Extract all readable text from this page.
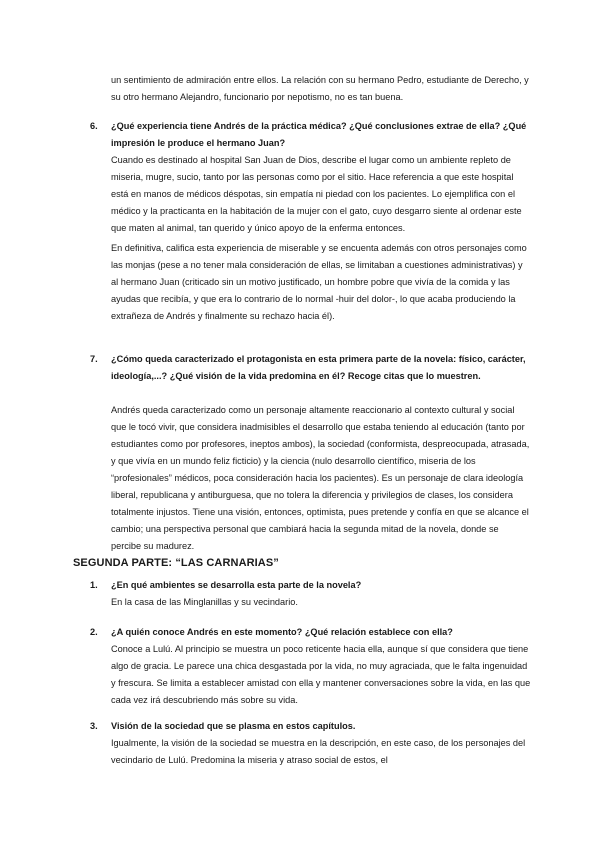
un sentimiento de admiración entre ellos. La relación con su hermano Pedro, estudiante de Derecho, y su otro hermano Alejandro, funcionario por nepotismo, no es tan buena.

6. ¿Qué experiencia tiene Andrés de la práctica médica? ¿Qué conclusiones extrae de ella? ¿Qué impresión le produce el hermano Juan?

Cuando es destinado al hospital San Juan de Dios, describe el lugar como un ambiente repleto de miseria, mugre, sucio, tanto por las personas como por el sitio. Hace referencia a que este hospital está en manos de médicos déspotas, sin empatía ni piedad con los pacientes. Lo ejemplifica con el médico y la practicanta en la habitación de la mujer con el gato, cuyo desgarro siente al ordenar este que maten al animal, tan querido y único apoyo de la enferma entonces.

En definitiva, califica esta experiencia de miserable y se encuenta además con otros personajes como las monjas (pese a no tener mala consideración de ellas, se limitaban a cuestiones administrativas) y al hermano Juan (criticado sin un motivo justificado, un hombre pobre que vivía de la comida y las ayudas que recibía, y que era lo contrario de lo normal -huir del dolor-, lo que acaba produciendo la extrañeza de Andrés y finalmente su rechazo hacia él).

7. ¿Cómo queda caracterizado el protagonista en esta primera parte de la novela: físico, carácter, ideología,...? ¿Qué visión de la vida predomina en él? Recoge citas que lo muestren.

Andrés queda caracterizado como un personaje altamente reaccionario al contexto cultural y social que le tocó vivir, que considera inadmisibles el desarrollo que estaba teniendo al educación (tanto por estudiantes como por profesores, ineptos ambos), la sociedad (conformista, despreocupada, atrasada, y que vivía en un mundo feliz ficticio) y la ciencia (nulo desarrollo científico, miseria de los “profesionales” médicos, poca consideración hacia los pacientes). Es un personaje de clara ideología liberal, republicana y antiburguesa, que no tolera la diferencia y privilegios de clases, los considera totalmente injustos. Tiene una visión, entonces, optimista, pues pretende y confía en que se alcance el cambio; una perspectiva personal que cambiará hacia la segunda mitad de la novela, donde se percibe su madurez.

SEGUNDA PARTE: “LAS CARNARIAS”
1. ¿En qué ambientes se desarrolla esta parte de la novela?

En la casa de las Minglanillas y su vecindario.

2. ¿A quién conoce Andrés en este momento? ¿Qué relación establece con ella?

Conoce a Lulú. Al principio se muestra un poco reticente hacia ella, aunque sí que considera que tiene algo de gracia. Le parece una chica desgastada por la vida, no muy agraciada, que le falta ingenuidad y frescura. Se limita a establecer amistad con ella y mantener conversaciones sobre la vida, en las que cada vez irá descubriendo más sobre su vida.

3. Visión de la sociedad que se plasma en estos capítulos.

Igualmente, la visión de la sociedad se muestra en la descripción, en este caso, de los personajes del vecindario de Lulú. Predomina la miseria y atraso social de estos, el
